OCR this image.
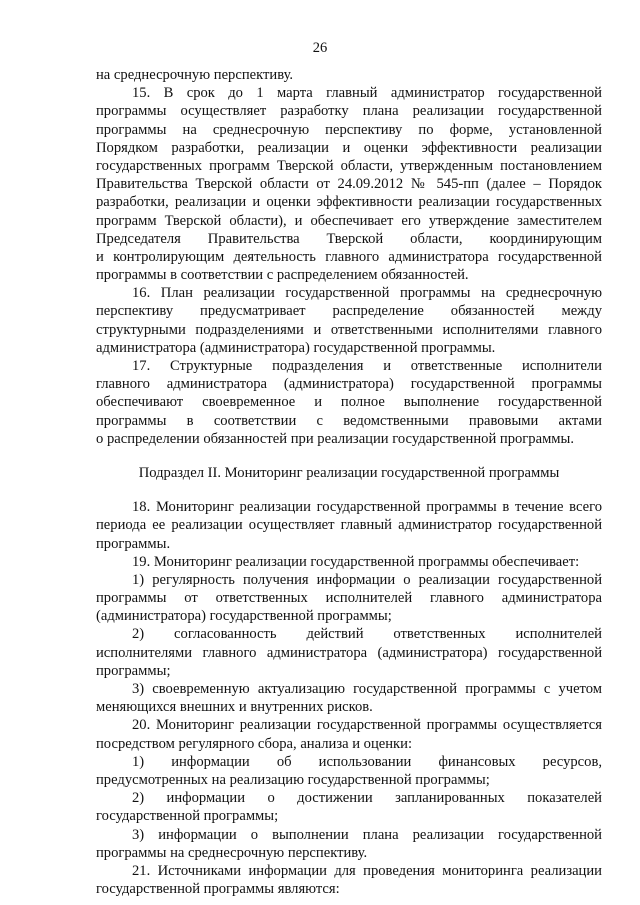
26
на среднесрочную перспективу.
15. В срок до 1 марта главный администратор государственной
программы осуществляет разработку плана реализации государственной
программы на среднесрочную перспективу по форме, установленной
Порядком разработки, реализации и оценки эффективности реализации
государственных программ Тверской области, утвержденным постановлением
Правительства Тверской области от 24.09.2012 № 545-пп (далее – Порядок
разработки, реализации и оценки эффективности реализации государственных
программ Тверской области), и обеспечивает его утверждение заместителем
Председателя Правительства Тверской области, координирующим
и контролирующим деятельность главного администратора государственной
программы в соответствии с распределением обязанностей.
16. План реализации государственной программы на среднесрочную
перспективу предусматривает распределение обязанностей между
структурными подразделениями и ответственными исполнителями главного
администратора (администратора) государственной программы.
17. Структурные подразделения и ответственные исполнители
главного администратора (администратора) государственной программы
обеспечивают своевременное и полное выполнение государственной
программы в соответствии с ведомственными правовыми актами
о распределении обязанностей при реализации государственной программы.
Подраздел II. Мониторинг реализации государственной программы
18. Мониторинг реализации государственной программы в течение всего
периода ее реализации осуществляет главный администратор государственной
программы.
19. Мониторинг реализации государственной программы обеспечивает:
1) регулярность получения информации о реализации государственной
программы от ответственных исполнителей главного администратора
(администратора) государственной программы;
2) согласованность действий ответственных исполнителей
исполнителями главного администратора (администратора) государственной
программы;
3) своевременную актуализацию государственной программы с учетом
меняющихся внешних и внутренних рисков.
20. Мониторинг реализации государственной программы осуществляется
посредством регулярного сбора, анализа и оценки:
1) информации об использовании финансовых ресурсов,
предусмотренных на реализацию государственной программы;
2) информации о достижении запланированных показателей
государственной программы;
3) информации о выполнении плана реализации государственной
программы на среднесрочную перспективу.
21. Источниками информации для проведения мониторинга реализации
государственной программы являются:
